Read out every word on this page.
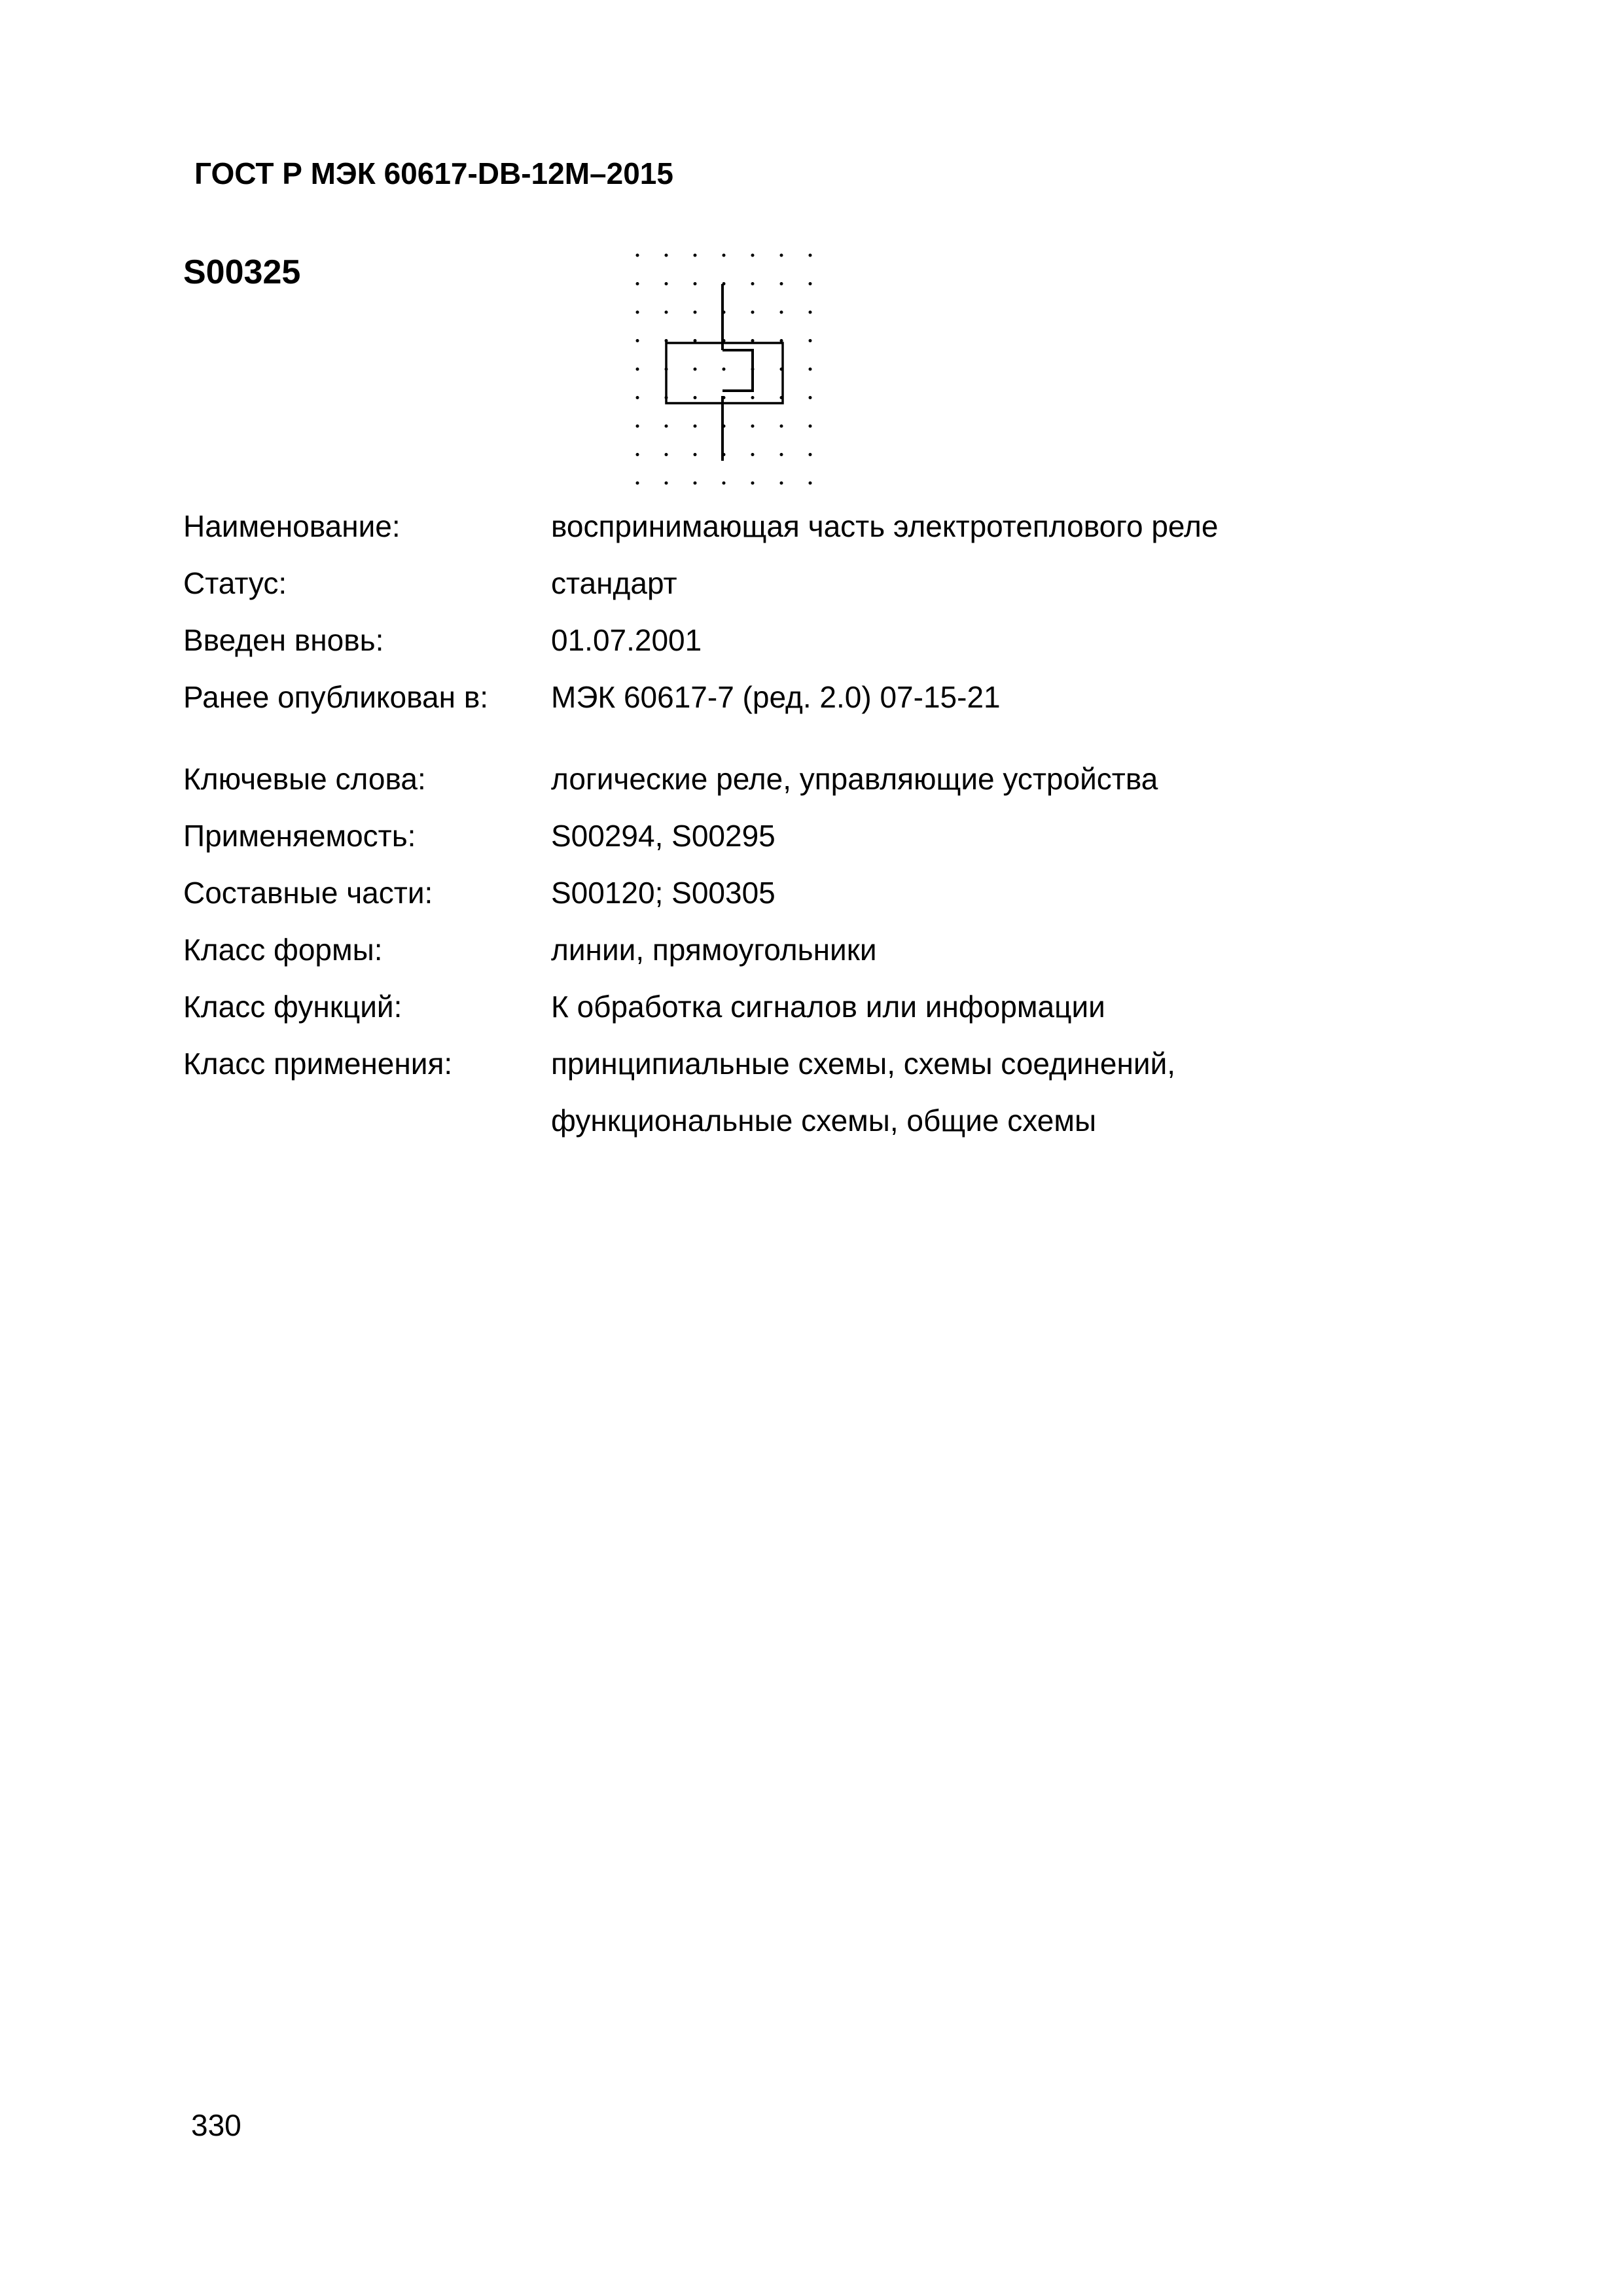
ГОСТ Р МЭК 60617-DB-12M–2015
S00325
Наименование:	воспринимающая часть электротеплового реле
Статус:	стандарт
Введен вновь:	01.07.2001
Ранее опубликован в:	МЭК 60617-7 (ред. 2.0) 07-15-21
Ключевые слова:	логические реле, управляющие устройства
Применяемость:	S00294, S00295
Составные части:	S00120; S00305
Класс формы:	линии, прямоугольники
Класс функций:	К обработка сигналов или информации
Класс применения:	принципиальные схемы, схемы соединений,
функциональные схемы, общие схемы
330
